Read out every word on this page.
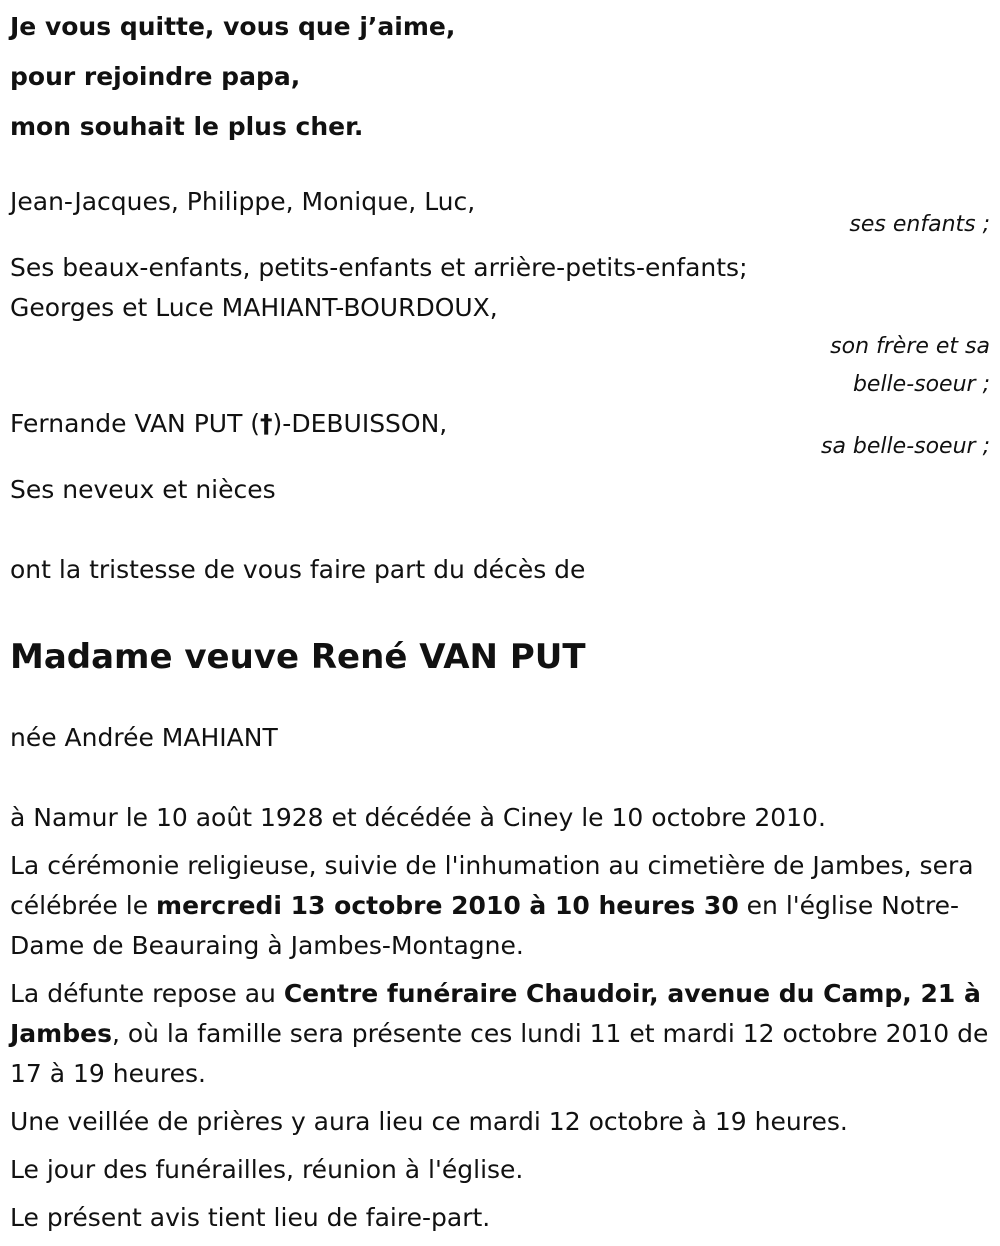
Je vous quitte, vous que j’aime,

pour rejoindre papa,

mon souhait le plus cher.

Jean-Jacques, Philippe, Monique, Luc,

ses enfants ;

Ses beaux-enfants, petits-enfants et arrière-petits-enfants;

Georges et Luce MAHIANT-BOURDOUX,

son frère et sa
belle-soeur ;

Fernande VAN PUT (†)-DEBUISSON,

sa belle-soeur ;

Ses neveux et nièces

ont la tristesse de vous faire part du décès de

Madame veuve René VAN PUT

née Andrée MAHIANT

à Namur le 10 août 1928 et décédée à Ciney le 10 octobre 2010.

La cérémonie religieuse, suivie de l'inhumation au cimetière de Jambes, sera célébrée le mercredi 13 octobre 2010 à 10 heures 30 en l'église Notre-Dame de Beauraing à Jambes-Montagne.

La défunte repose au Centre funéraire Chaudoir, avenue du Camp, 21 à Jambes, où la famille sera présente ces lundi 11 et mardi 12 octobre 2010 de 17 à 19 heures.

Une veillée de prières y aura lieu ce mardi 12 octobre à 19 heures.

Le jour des funérailles, réunion à l'église.

Le présent avis tient lieu de faire-part.
